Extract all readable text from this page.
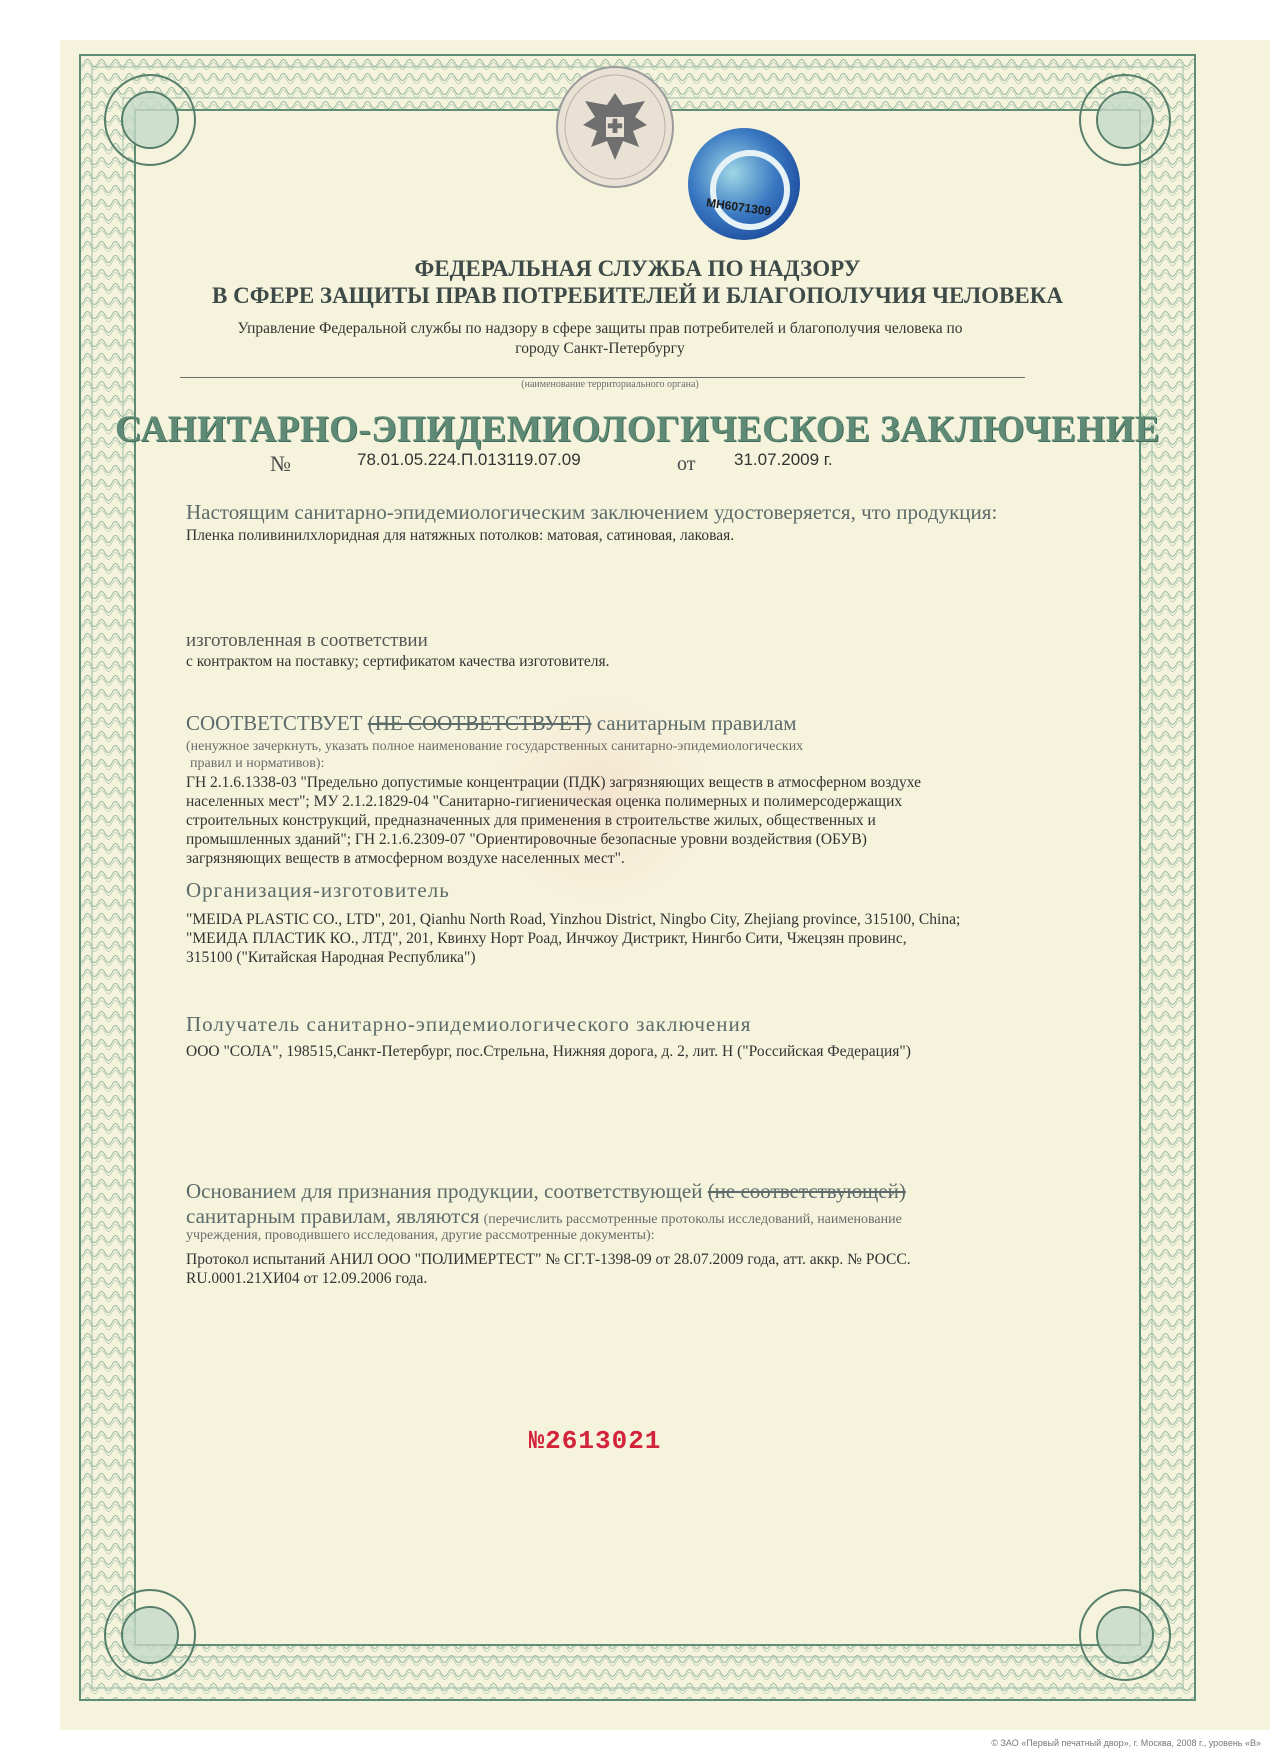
MH6071309
ФЕДЕРАЛЬНАЯ СЛУЖБА ПО НАДЗОРУ
В СФЕРЕ ЗАЩИТЫ ПРАВ ПОТРЕБИТЕЛЕЙ И БЛАГОПОЛУЧИЯ ЧЕЛОВЕКА
Управление Федеральной службы по надзору в сфере защиты прав потребителей и благополучия человека по
городу Санкт-Петербургу
(наименование территориального органа)
САНИТАРНО-ЭПИДЕМИОЛОГИЧЕСКОЕ ЗАКЛЮЧЕНИЕ
№	78.01.05.224.П.013119.07.09	от 31.07.2009 г.
Настоящим санитарно-эпидемиологическим заключением удостоверяется, что продукция:
Пленка поливинилхлоридная для натяжных потолков: матовая, сатиновая, лаковая.
изготовленная в соответствии
с контрактом на поставку; сертификатом качества изготовителя.
СООТВЕТСТВУЕТ (НЕ СООТВЕТСТВУЕТ) санитарным правилам
(ненужное зачеркнуть, указать полное наименование государственных санитарно-эпидемиологических
правил и нормативов):
ГН 2.1.6.1338-03 "Предельно допустимые концентрации (ПДК) загрязняющих веществ в атмосферном воздухе
населенных мест"; МУ 2.1.2.1829-04 "Санитарно-гигиеническая оценка полимерных и полимерсодержащих
строительных конструкций, предназначенных для применения в строительстве жилых, общественных и
промышленных зданий"; ГН 2.1.6.2309-07 "Ориентировочные безопасные уровни воздействия (ОБУВ)
загрязняющих веществ в атмосферном воздухе населенных мест".
Организация-изготовитель
"MEIDA PLASTIC CO., LTD", 201, Qianhu North Road, Yinzhou District, Ningbo City, Zhejiang province, 315100, China;
"МЕИДА ПЛАСТИК КО., ЛТД", 201, Квинху Норт Роад, Инчжоу Дистрикт, Нингбо Сити, Чжецзян провинс,
315100 ("Китайская Народная Республика")
Получатель санитарно-эпидемиологического заключения
ООО "СОЛА", 198515,Санкт-Петербург, пос.Стрельна, Нижняя дорога, д. 2, лит. Н ("Российская Федерация")
Основанием для признания продукции, соответствующей (не соответствующей)
санитарным правилам, являются (перечислить рассмотренные протоколы исследований, наименование
учреждения, проводившего исследования, другие рассмотренные документы):
Протокол испытаний АНИЛ ООО "ПОЛИМЕРТЕСТ" № СГ.Т-1398-09 от 28.07.2009 года, атт. аккр. № РОСС.
RU.0001.21ХИ04 от 12.09.2006 года.
№2613021
© ЗАО «Первый печатный двор», г. Москва, 2008 г., уровень «В»
